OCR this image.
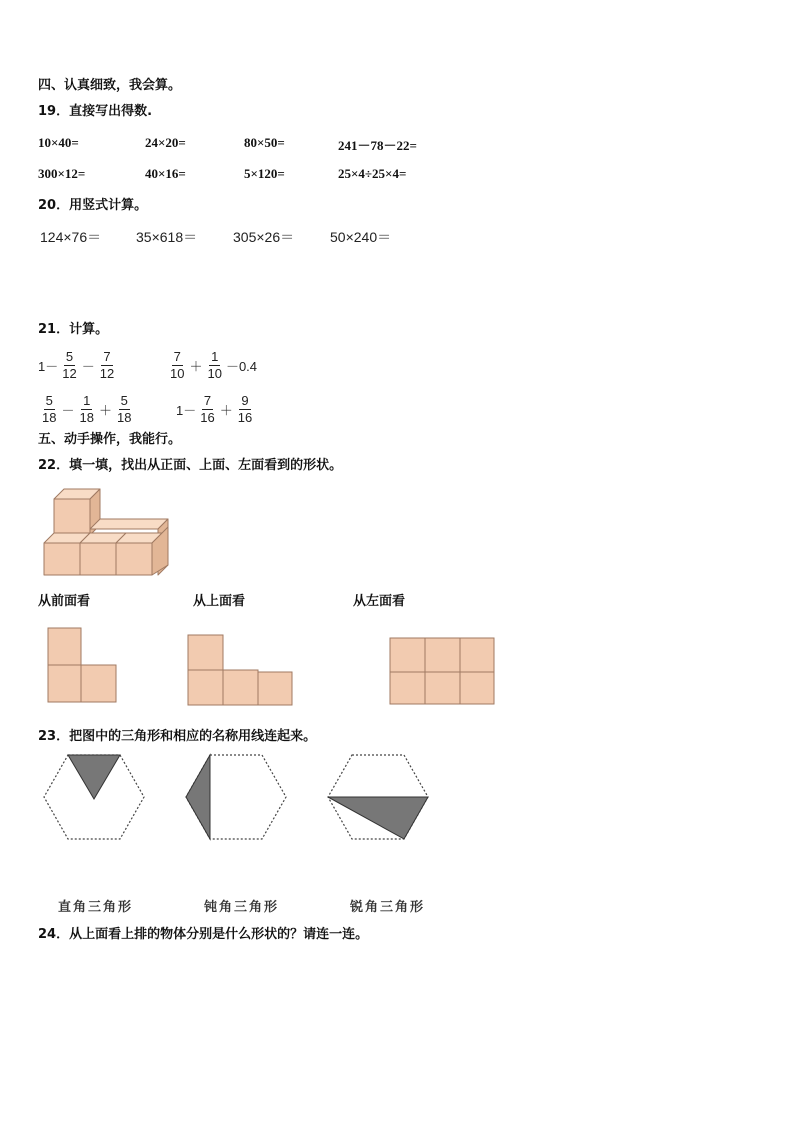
四、认真细致，我会算。
19．直接写出得数.
10×40=	24×20=	80×50=	241－78－22=
300×12=	40×16=	5×120=	25×4÷25×4=
20．用竖式计算。
124×76＝ 35×618＝	305×26＝	50×240＝
21．计算。
$1- \frac{5}{12} - \frac{7}{12}$	$\frac{7}{10} + \frac{1}{10} -0.4$
$\frac{5}{18} - \frac{1}{18} + \frac{5}{18}$	$1- \frac{7}{16} + \frac{9}{16}$
五、动手操作，我能行。
22．填一填，找出从正面、上面、左面看到的形状。
从前面看	从上面看	从左面看
23．把图中的三角形和相应的名称用线连起来。
直角三角形	钝角三角形	锐角三角形
24．从上面看上排的物体分别是什么形状的？请连一连。
